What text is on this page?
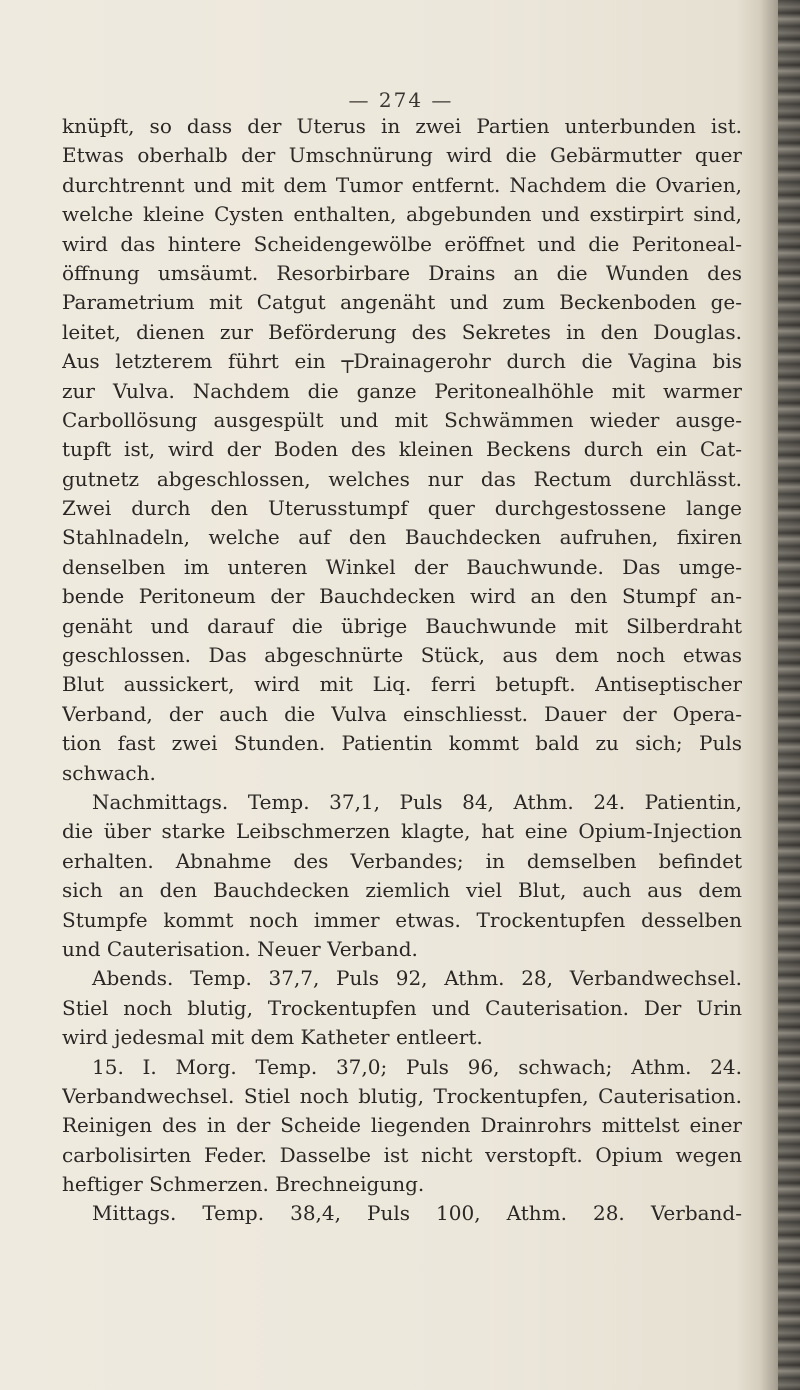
— 274 —
knüpft, so dass der Uterus in zwei Partien unterbunden ist.
Etwas oberhalb der Umschnürung wird die Gebärmutter quer
durchtrennt und mit dem Tumor entfernt. Nachdem die Ovarien,
welche kleine Cysten enthalten, abgebunden und exstirpirt sind,
wird das hintere Scheidengewölbe eröffnet und die Peritoneal-
öffnung umsäumt. Resorbirbare Drains an die Wunden des
Parametrium mit Catgut angenäht und zum Beckenboden ge-
leitet, dienen zur Beförderung des Sekretes in den Douglas.
Aus letzterem führt ein ┬Drainagerohr durch die Vagina bis
zur Vulva. Nachdem die ganze Peritonealhöhle mit warmer
Carbollösung ausgespült und mit Schwämmen wieder ausge-
tupft ist, wird der Boden des kleinen Beckens durch ein Cat-
gutnetz abgeschlossen, welches nur das Rectum durchlässt.
Zwei durch den Uterusstumpf quer durchgestossene lange
Stahlnadeln, welche auf den Bauchdecken aufruhen, fixiren
denselben im unteren Winkel der Bauchwunde. Das umge-
bende Peritoneum der Bauchdecken wird an den Stumpf an-
genäht und darauf die übrige Bauchwunde mit Silberdraht
geschlossen. Das abgeschnürte Stück, aus dem noch etwas
Blut aussickert, wird mit Liq. ferri betupft. Antiseptischer
Verband, der auch die Vulva einschliesst. Dauer der Opera-
tion fast zwei Stunden. Patientin kommt bald zu sich; Puls
schwach.
Nachmittags. Temp. 37,1, Puls 84, Athm. 24. Patientin,
die über starke Leibschmerzen klagte, hat eine Opium-Injection
erhalten. Abnahme des Verbandes; in demselben befindet
sich an den Bauchdecken ziemlich viel Blut, auch aus dem
Stumpfe kommt noch immer etwas. Trockentupfen desselben
und Cauterisation. Neuer Verband.
Abends. Temp. 37,7, Puls 92, Athm. 28, Verbandwechsel.
Stiel noch blutig, Trockentupfen und Cauterisation. Der Urin
wird jedesmal mit dem Katheter entleert.
15. I. Morg. Temp. 37,0; Puls 96, schwach; Athm. 24.
Verbandwechsel. Stiel noch blutig, Trockentupfen, Cauterisation.
Reinigen des in der Scheide liegenden Drainrohrs mittelst einer
carbolisirten Feder. Dasselbe ist nicht verstopft. Opium wegen
heftiger Schmerzen. Brechneigung.
Mittags. Temp. 38,4, Puls 100, Athm. 28. Verband-
